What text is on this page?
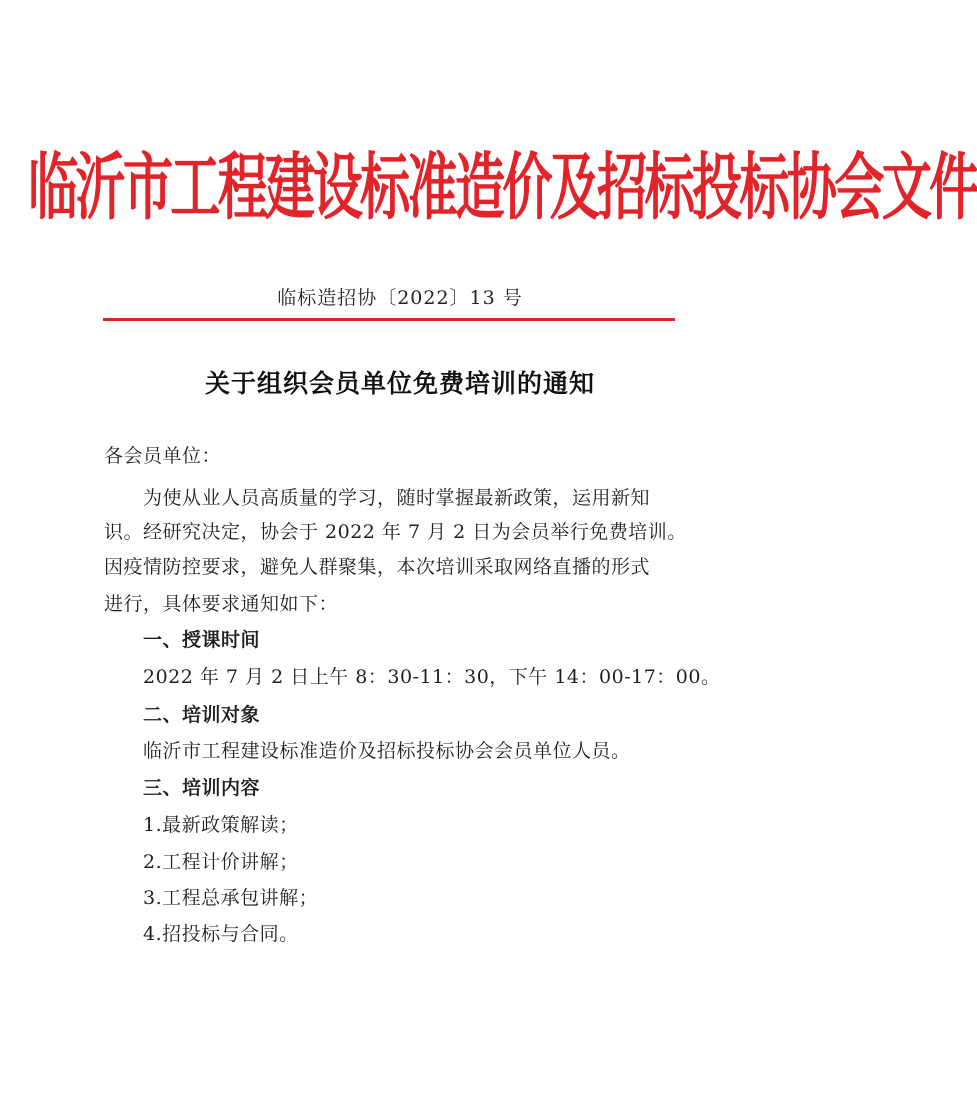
临沂市工程建设标准造价及招标投标协会文件
临标造招协〔2022〕13 号
关于组织会员单位免费培训的通知
各会员单位：
为使从业人员高质量的学习，随时掌握最新政策，运用新知
识。经研究决定，协会于 2022 年 7 月 2 日为会员举行免费培训。
因疫情防控要求，避免人群聚集，本次培训采取网络直播的形式
进行，具体要求通知如下：
一、授课时间
2022 年 7 月 2 日上午 8：30-11：30，下午 14：00-17：00。
二、培训对象
临沂市工程建设标准造价及招标投标协会会员单位人员。
三、培训内容
1.最新政策解读；
2.工程计价讲解；
3.工程总承包讲解；
4.招投标与合同。
